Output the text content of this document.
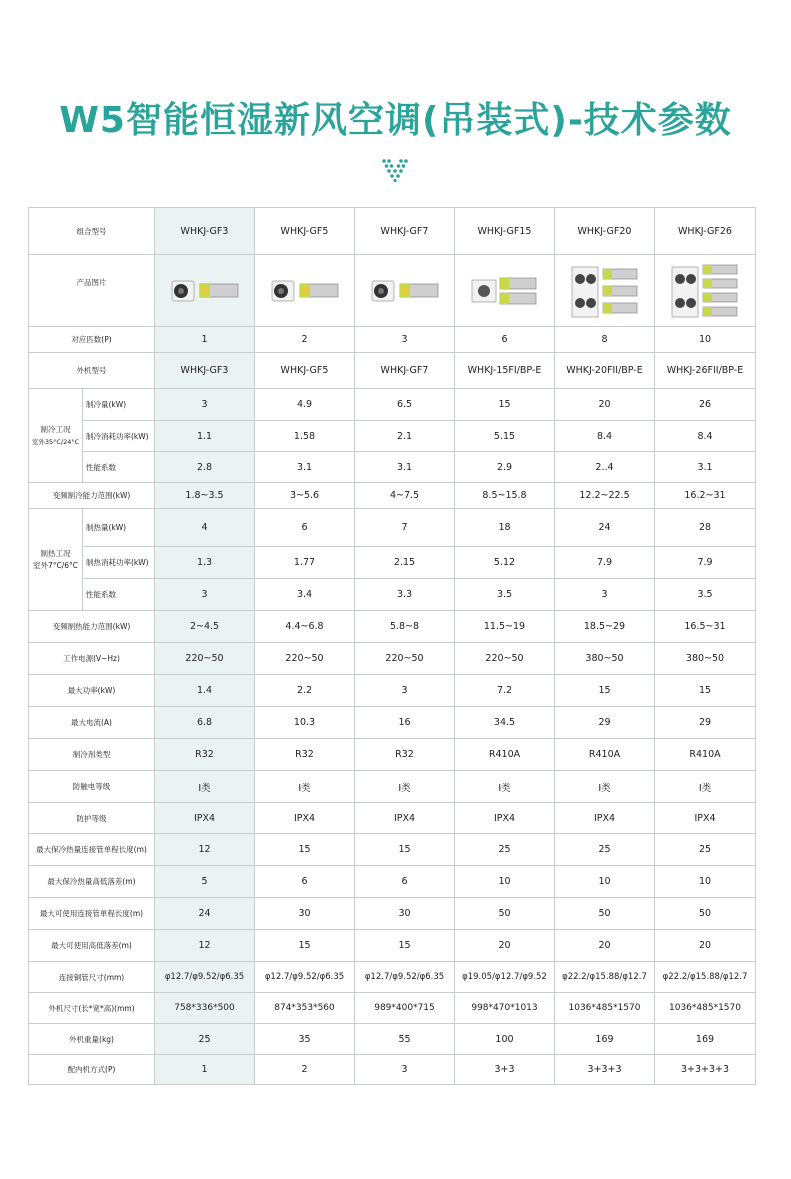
W5智能恒湿新风空调(吊装式)-技术参数
组合型号		WHKJ-GF3	WHKJ-GF5	WHKJ-GF7	WHKJ-GF15	WHKJ-GF20	WHKJ-GF26
产品图片	

对应匹数(P)		1	2	3	6	8	10
外机型号		WHKJ-GF3	WHKJ-GF5	WHKJ-GF7	WHKJ-15FI/BP-E	WHKJ-20FII/BP-E	WHKJ-26FII/BP-E

制冷工况
室外35°C/24°C	制冷量(kW)	3	4.9	6.5	15	20	26
	制冷消耗功率(kW)	1.1	1.58	2.1	5.15	8.4	8.4
	性能系数	2.8	3.1	3.1	2.9	2..4	3.1
变频制冷能力范围(kW)		1.8~3.5	3~5.6	4~7.5	8.5~15.8	12.2~22.5	16.2~31

制热工况
室外7°C/6°C	制热量(kW)	4	6	7	18	24	28
	制热消耗功率(kW)	1.3	1.77	2.15	5.12	7.9	7.9
	性能系数	3	3.4	3.3	3.5	3	3.5
变频制热能力范围(kW)		2~4.5	4.4~6.8	5.8~8	11.5~19	18.5~29	16.5~31
工作电源(V~Hz)		220~50	220~50	220~50	220~50	380~50	380~50
最大功率(kW)		1.4	2.2	3	7.2	15	15
最大电流(A)		6.8	10.3	16	34.5	29	29
制冷剂类型		R32	R32	R32	R410A	R410A	R410A
防触电等级		I类	I类	I类	I类	I类	I类
防护等级		IPX4	IPX4	IPX4	IPX4	IPX4	IPX4
最大保冷热量连接管单程长度(m)		12	15	15	25	25	25
最大保冷热量高低落差(m)		5	6	6	10	10	10
最大可使用连接管单程长度(m)		24	30	30	50	50	50
最大可使用高低落差(m)		12	15	15	20	20	20
连接铜管尺寸(mm)		φ12.7/φ9.52/φ6.35	φ12.7/φ9.52/φ6.35	φ12.7/φ9.52/φ6.35	φ19.05/φ12.7/φ9.52	φ22.2/φ15.88/φ12.7	φ22.2/φ15.88/φ12.7
外机尺寸(长*宽*高)(mm)		758*336*500	874*353*560	989*400*715	998*470*1013	1036*485*1570	1036*485*1570
外机重量(kg)		25	35	55	100	169	169
配内机方式(P)		1	2	3	3+3	3+3+3	3+3+3+3
